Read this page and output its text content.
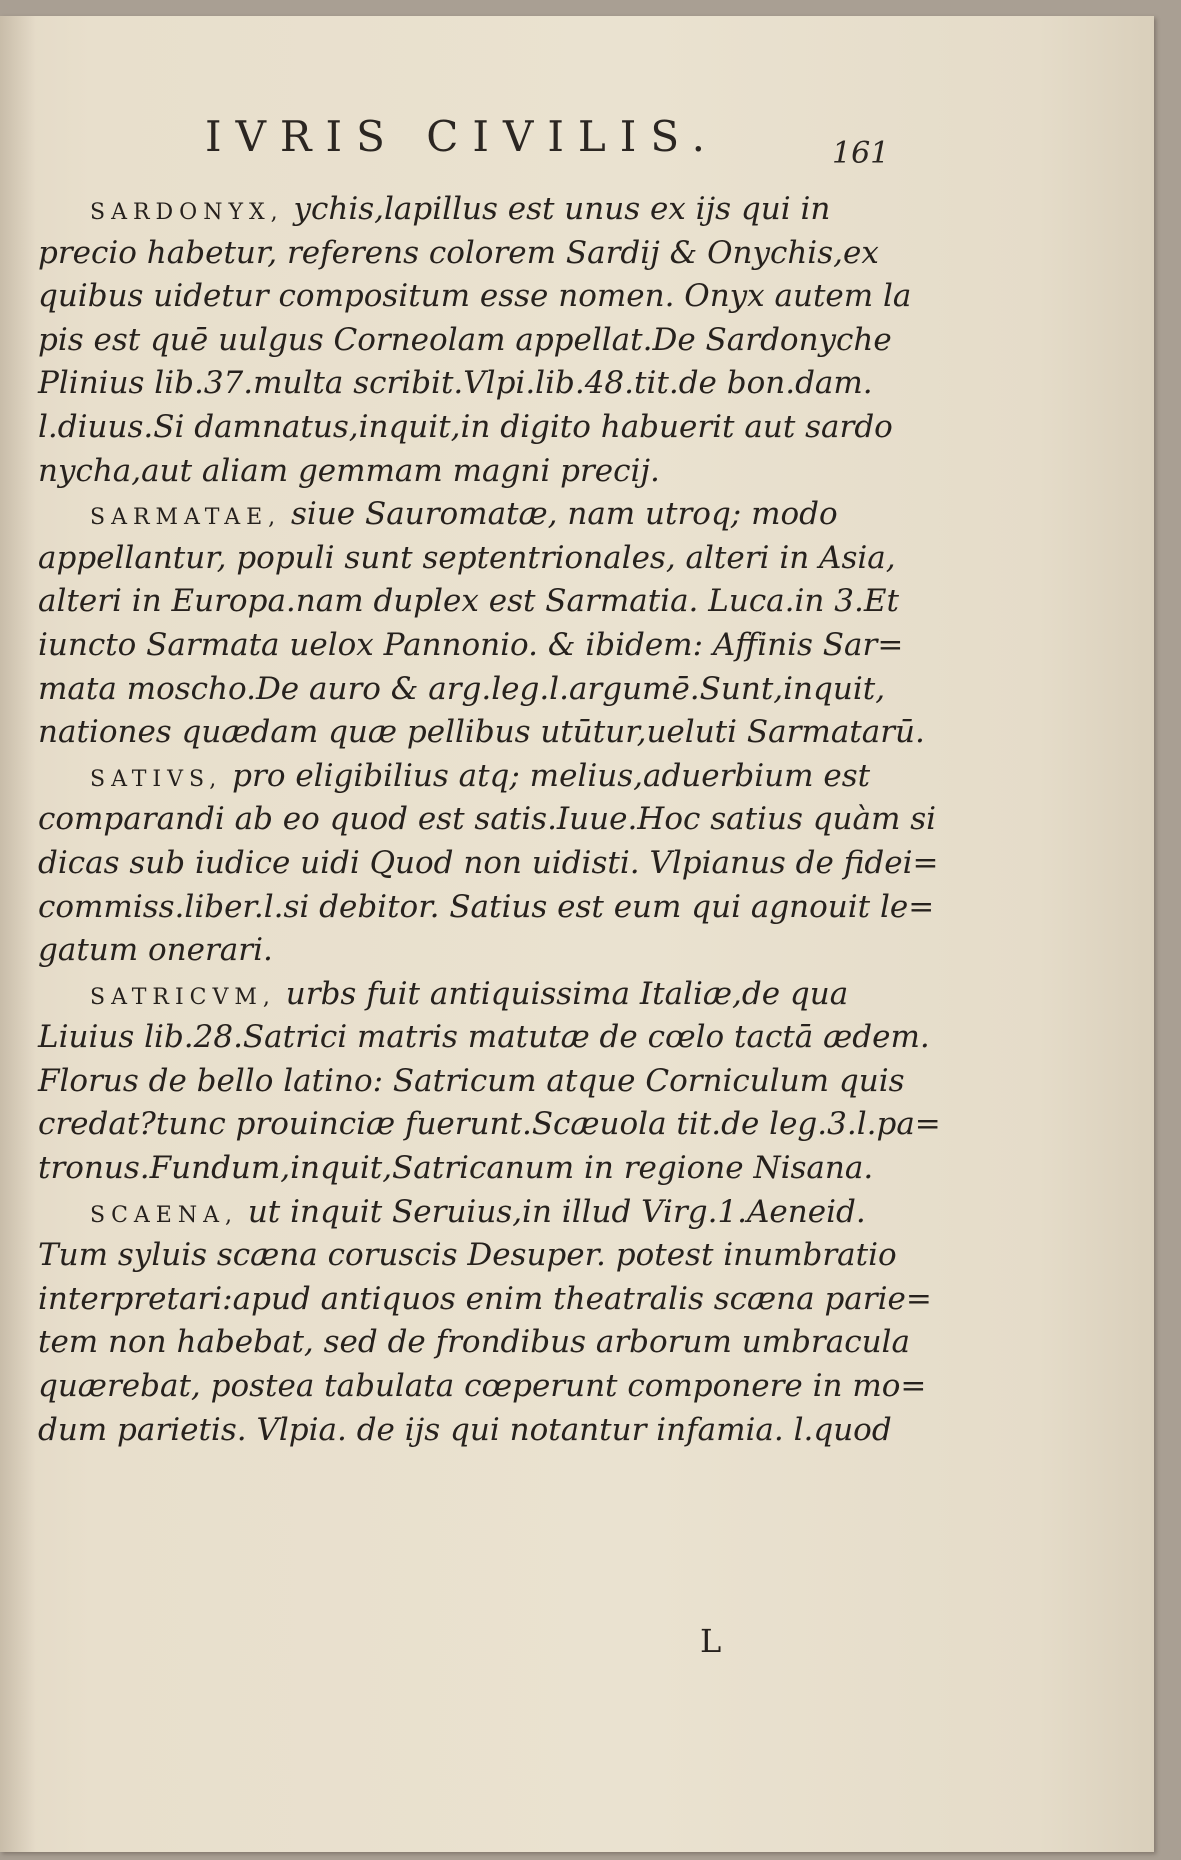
IVRIS CIVILIS.	161
SARDONYX, ychis,lapillus est unus ex ijs qui in
precio habetur, referens colorem Sardij & Onychis,ex
quibus uidetur compositum esse nomen. Onyx autem la
pis est quē uulgus Corneolam appellat.De Sardonyche
Plinius lib.37.multa scribit.Vlpi.lib.48.tit.de bon.dam.
l.diuus.Si damnatus,inquit,in digito habuerit aut sardo
nycha,aut aliam gemmam magni precij.
SARMATAE, siue Sauromatæ, nam utroq; modo
appellantur, populi sunt septentrionales, alteri in Asia,
alteri in Europa.nam duplex est Sarmatia. Luca.in 3.Et
iuncto Sarmata uelox Pannonio. & ibidem: Affinis Sar=
mata moscho.De auro & arg.leg.l.argumē.Sunt,inquit,
nationes quædam quæ pellibus utūtur,ueluti Sarmatarū.
SATIVS, pro eligibilius atq; melius,aduerbium est
comparandi ab eo quod est satis.Iuue.Hoc satius quàm si
dicas sub iudice uidi Quod non uidisti. Vlpianus de fidei=
commiss.liber.l.si debitor. Satius est eum qui agnouit le=
gatum onerari.
SATRICVM, urbs fuit antiquissima Italiæ,de qua
Liuius lib.28.Satrici matris matutæ de cœlo tactā ædem.
Florus de bello latino: Satricum atque Corniculum quis
credat?tunc prouinciæ fuerunt.Scæuola tit.de leg.3.l.pa=
tronus.Fundum,inquit,Satricanum in regione Nisana.
SCAENA, ut inquit Seruius,in illud Virg.1.Aeneid.
Tum syluis scæna coruscis Desuper. potest inumbratio
interpretari:apud antiquos enim theatralis scæna parie=
tem non habebat, sed de frondibus arborum umbracula
quærebat, postea tabulata cœperunt componere in mo=
dum parietis. Vlpia. de ijs qui notantur infamia. l.quod
L
